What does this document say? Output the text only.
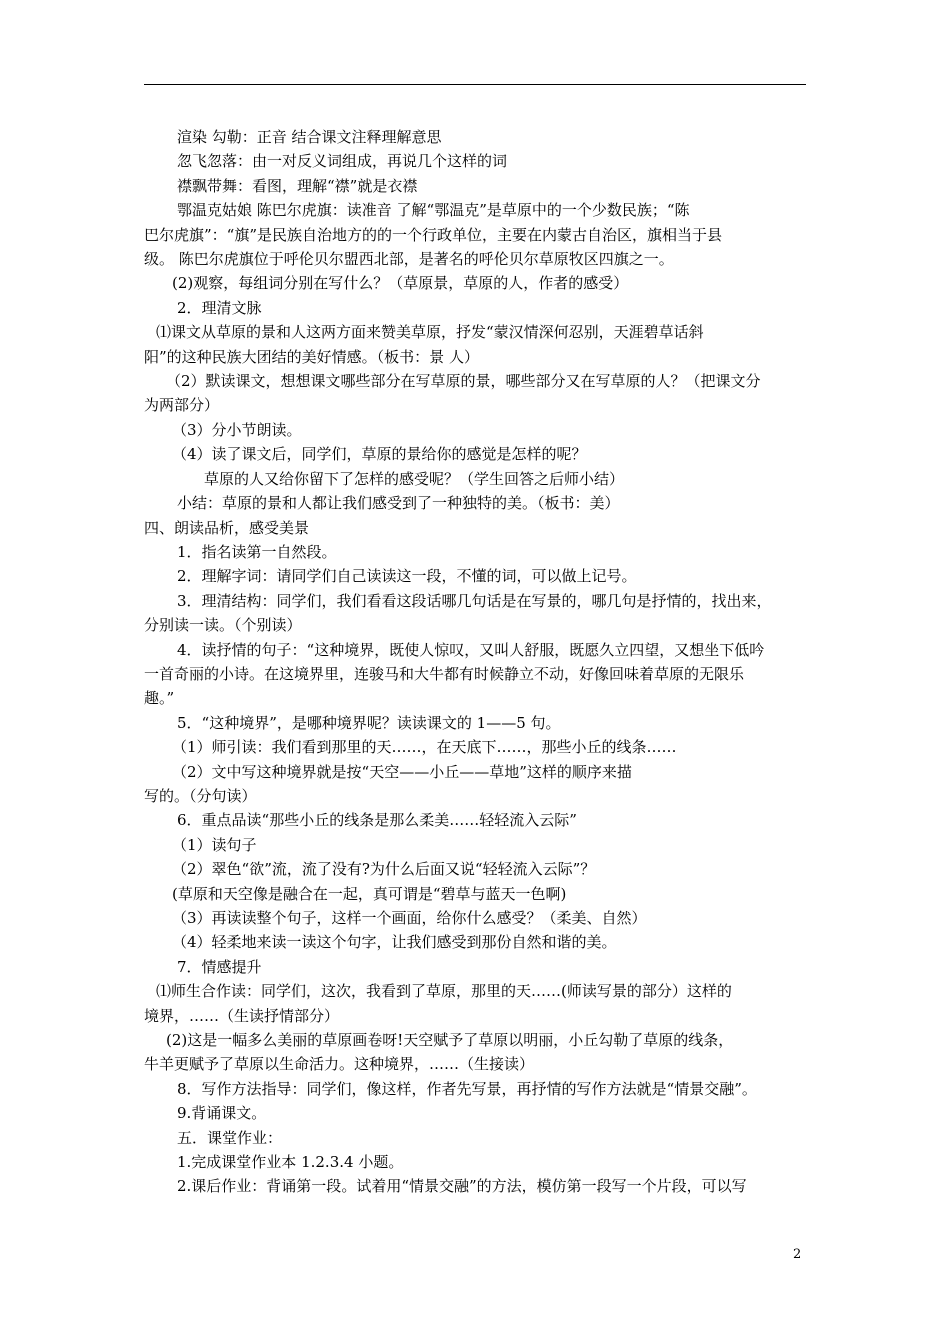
渲染 勾勒：正音 结合课文注释理解意思
忽飞忽落：由一对反义词组成，再说几个这样的词
襟飘带舞：看图，理解“襟”就是衣襟
鄂温克姑娘 陈巴尔虎旗：读准音 了解“鄂温克”是草原中的一个少数民族；“陈
巴尔虎旗”：“旗”是民族自治地方的的一个行政单位，主要在内蒙古自治区，旗相当于县
级。 陈巴尔虎旗位于呼伦贝尔盟西北部，是著名的呼伦贝尔草原牧区四旗之一。
(2)观察，每组词分别在写什么？（草原景，草原的人，作者的感受）
2．理清文脉
⑴课文从草原的景和人这两方面来赞美草原，抒发“蒙汉情深何忍别，天涯碧草话斜
阳”的这种民族大团结的美好情感。（板书：景 人）
（2）默读课文，想想课文哪些部分在写草原的景，哪些部分又在写草原的人？（把课文分
为两部分）
（3）分小节朗读。
（4）读了课文后，同学们，草原的景给你的感觉是怎样的呢？
草原的人又给你留下了怎样的感受呢？（学生回答之后师小结）
小结：草原的景和人都让我们感受到了一种独特的美。（板书：美）
四、朗读品析，感受美景
1．指名读第一自然段。
2．理解字词：请同学们自己读读这一段，不懂的词，可以做上记号。
3．理清结构：同学们，我们看看这段话哪几句话是在写景的，哪几句是抒情的，找出来，
分别读一读。（个别读）
4．读抒情的句子：“这种境界，既使人惊叹，又叫人舒服，既愿久立四望，又想坐下低吟
一首奇丽的小诗。在这境界里，连骏马和大牛都有时候静立不动，好像回味着草原的无限乐
趣。”
5．“这种境界”，是哪种境界呢？读读课文的 1——5 句。
（1）师引读：我们看到那里的天……，在天底下……，那些小丘的线条……
（2）文中写这种境界就是按“天空——小丘——草地”这样的顺序来描
写的。（分句读）
6．重点品读“那些小丘的线条是那么柔美……轻轻流入云际”
（1）读句子
（2）翠色“欲”流，流了没有?为什么后面又说“轻轻流入云际”？
(草原和天空像是融合在一起，真可谓是“碧草与蓝天一色啊)
（3）再读读整个句子，这样一个画面，给你什么感受？（柔美、自然）
（4）轻柔地来读一读这个句字，让我们感受到那份自然和谐的美。
7．情感提升
⑴师生合作读：同学们，这次，我看到了草原，那里的天……(师读写景的部分）这样的
境界，……（生读抒情部分）
(2)这是一幅多么美丽的草原画卷呀!天空赋予了草原以明丽，小丘勾勒了草原的线条，
牛羊更赋予了草原以生命活力。这种境界，……（生接读）
8．写作方法指导：同学们，像这样，作者先写景，再抒情的写作方法就是“情景交融”。
9.背诵课文。
五．课堂作业：
1.完成课堂作业本 1.2.3.4 小题。
2.课后作业：背诵第一段。试着用“情景交融”的方法，模仿第一段写一个片段，可以写
2
